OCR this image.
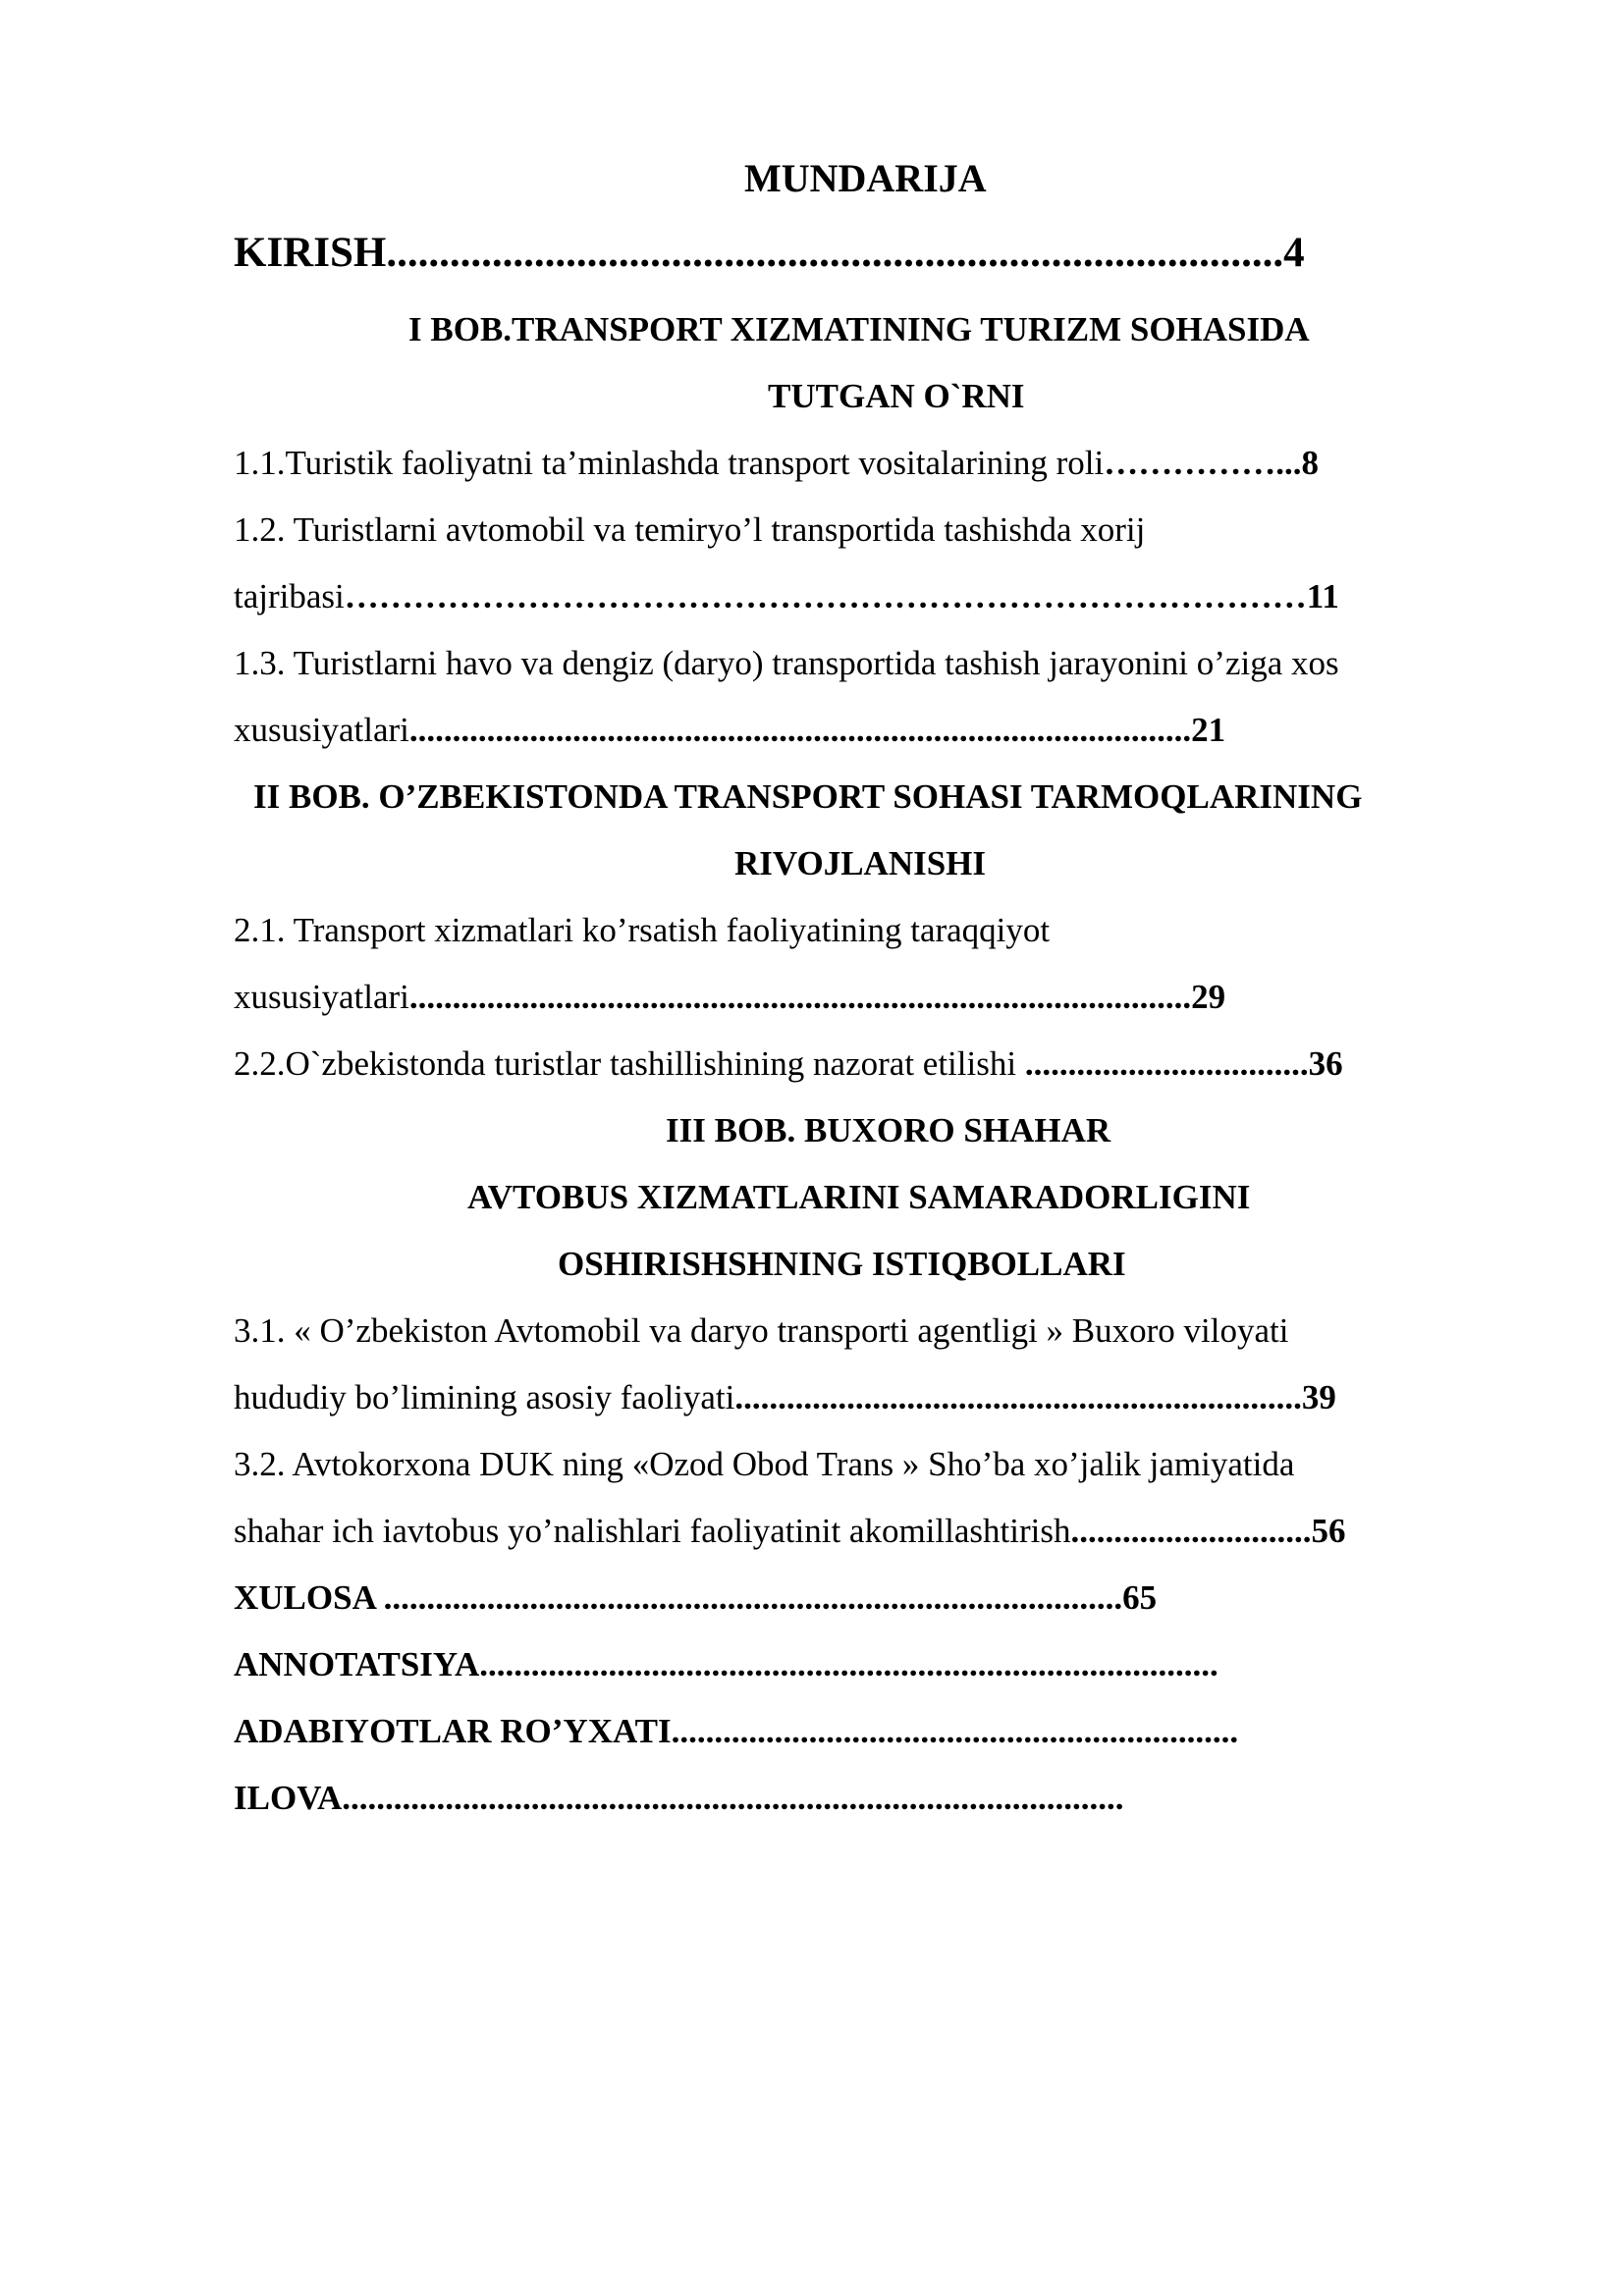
MUNDARIJA
KIRISH.....................................................................................4
I BOB.TRANSPORT XIZMATINING TURIZM SOHASIDA
TUTGAN O`RNI
1.1.Turistik faoliyatni ta’minlashda transport vositalarining roli……………...8
1.2. Turistlarni avtomobil va temiryo’l transportida tashishda xorij
tajribasi…………………………………………………………………………11
1.3. Turistlarni havo va dengiz (daryo) transportida tashish jarayonini o’ziga xos
xususiyatlari...........................................................................................21
II BOB. O’ZBEKISTONDA TRANSPORT SOHASI TARMOQLARINING
RIVOJLANISHI
2.1. Transport xizmatlari ko’rsatish faoliyatining taraqqiyot
xususiyatlari...........................................................................................29
2.2.O`zbekistonda turistlar tashillishining nazorat etilishi .................................36
III BOB. BUXORO SHAHAR
AVTOBUS XIZMATLARINI SAMARADORLIGINI
OSHIRISHSHNING ISTIQBOLLARI
3.1. « O’zbekiston Avtomobil va daryo transporti agentligi » Buxoro viloyati
hududiy bo’limining asosiy faoliyati..................................................................39
3.2. Avtokorxona DUK ning «Ozod Obod Trans » Sho’ba xo’jalik jamiyatida
shahar ich iavtobus yo’nalishlari faoliyatinit akomillashtirish............................56
XULOSA ......................................................................................65
ANNOTATSIYA......................................................................................
ADABIYOTLAR RO’YXATI..................................................................
ILOVA...........................................................................................
